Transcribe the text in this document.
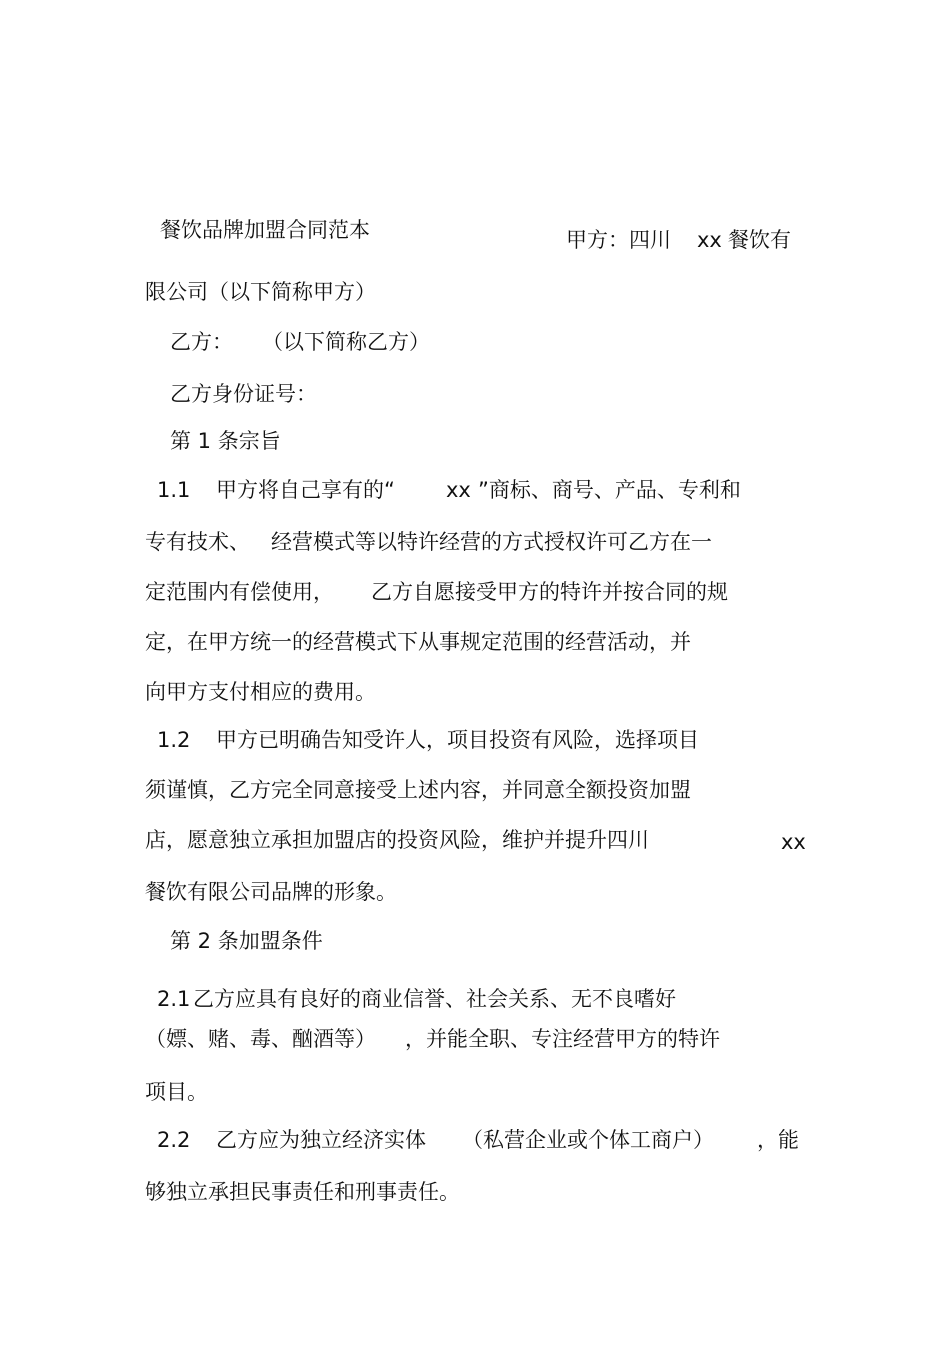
餐饮品牌加盟合同范本	甲方：四川 xx 餐饮有
限公司（以下简称甲方）
乙方： （以下简称乙方）
乙方身份证号：
第 1 条宗旨
1.1 甲方将自己享有的“ xx ”商标、商号、产品、专利和
专有技术、 经营模式等以特许经营的方式授权许可乙方在一
定范围内有偿使用， 乙方自愿接受甲方的特许并按合同的规
定，在甲方统一的经营模式下从事规定范围的经营活动，并
向甲方支付相应的费用。
1.2 甲方已明确告知受许人，项目投资有风险，选择项目
须谨慎，乙方完全同意接受上述内容，并同意全额投资加盟
店，愿意独立承担加盟店的投资风险，维护并提升四川	xx
餐饮有限公司品牌的形象。
第 2 条加盟条件
2.1 乙方应具有良好的商业信誉、社会关系、无不良嗜好
（嫖、赌、毒、酗酒等） ，并能全职、专注经营甲方的特许
项目。
2.2 乙方应为独立经济实体 （私营企业或个体工商户） ，能
够独立承担民事责任和刑事责任。
